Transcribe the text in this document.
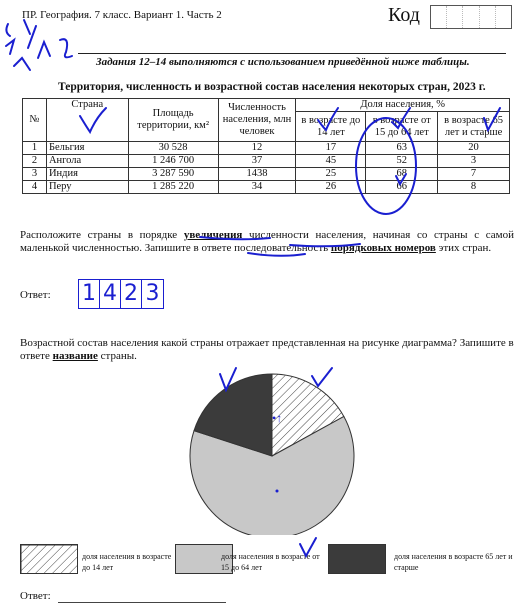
ПР. География. 7 класс. Вариант 1. Часть 2	Код
Задания 12–14 выполняются с использованием приведённой ниже таблицы.
Территория, численность и возрастной состав населения некоторых стран, 2023 г.
№	Страна	Площадь территории, км²	Численность населения, млн человек	Доля населения, %		
				в возрасте до 14 лет	в возрасте от 15 до 64 лет	в возрасте 65 лет и старше
1	Бельгия	30 528	12	17	63	20
2	Ангола	1 246 700	37	45	52	3
3	Индия	3 287 590	1438	25	68	7
4	Перу	1 285 220	34	26	66	8
Расположите страны в порядке увеличения численности населения, начиная со страны с самой маленькой численностью. Запишите в ответе последовательность порядковых номеров этих стран.
Ответ: 1 4 2 3
Возрастной состав населения какой страны отражает представленная на рисунке диаграмма? Запишите в ответе название страны.
•↑
доля населения в возрасте до 14 лет
доля населения в возрасте от 15 до 64 лет
доля населения в возрасте 65 лет и старше
Ответ:
